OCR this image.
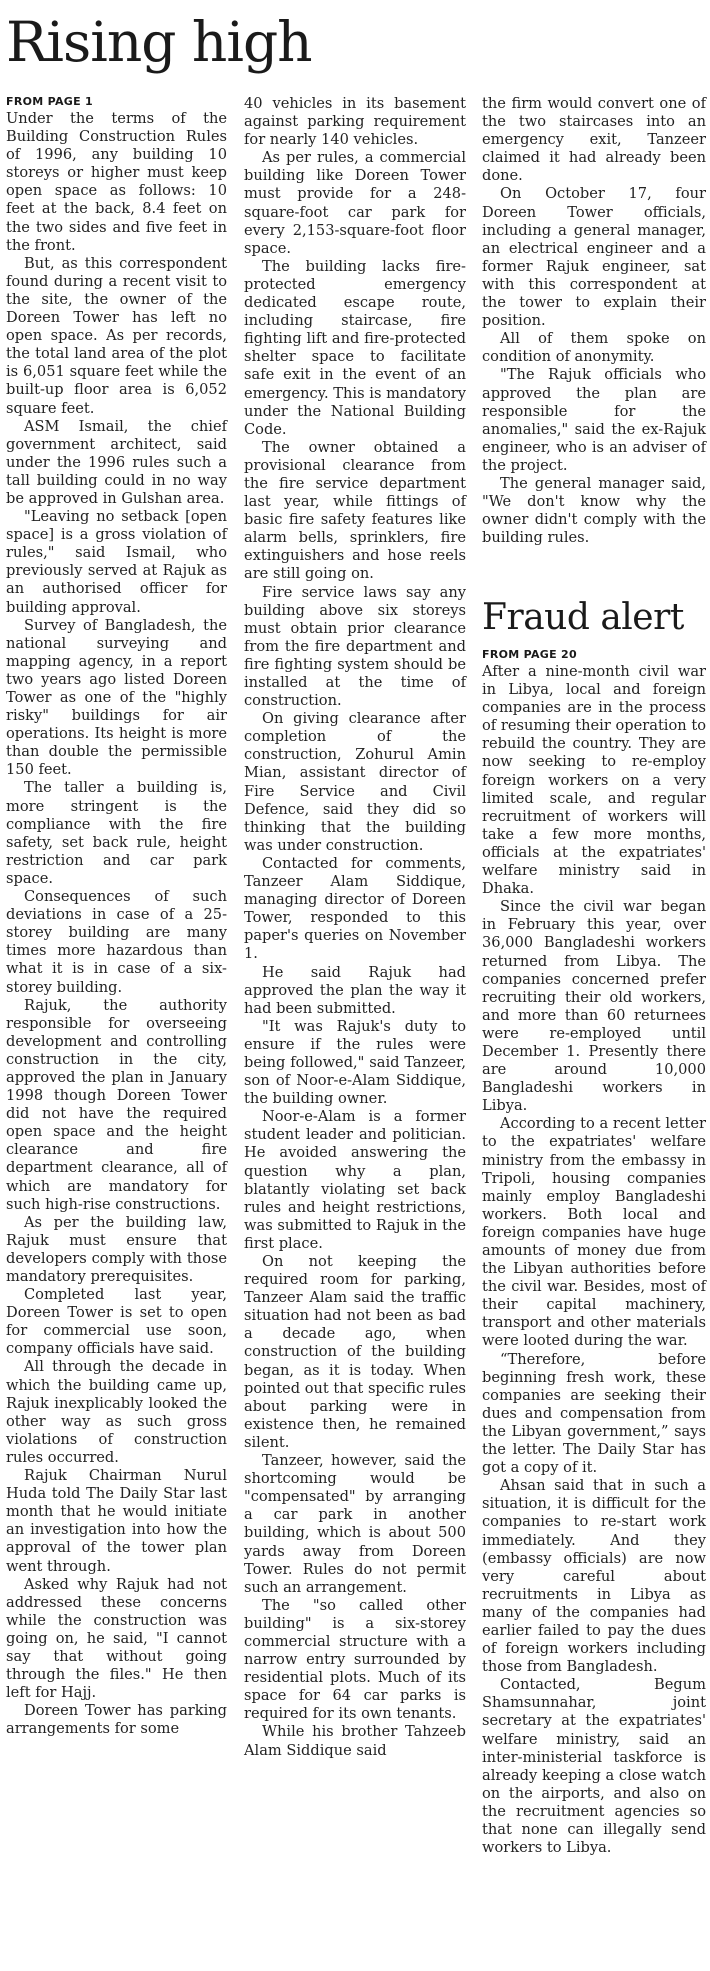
Rising high
FROM PAGE 1

Under the terms of the Building Construction Rules of 1996, any building 10 storeys or higher must keep open space as follows: 10 feet at the back, 8.4 feet on the two sides and five feet in the front.

But, as this correspondent found during a recent visit to the site, the owner of the Doreen Tower has left no open space. As per records, the total land area of the plot is 6,051 square feet while the built-up floor area is 6,052 square feet.

ASM Ismail, the chief government architect, said under the 1996 rules such a tall building could in no way be approved in Gulshan area.

"Leaving no setback [open space] is a gross violation of rules," said Ismail, who previously served at Rajuk as an authorised officer for building approval.

Survey of Bangladesh, the national surveying and mapping agency, in a report two years ago listed Doreen Tower as one of the "highly risky" buildings for air operations. Its height is more than double the permissible 150 feet.

The taller a building is, more stringent is the compliance with the fire safety, set back rule, height restriction and car park space.

Consequences of such deviations in case of a 25-storey building are many times more hazardous than what it is in case of a six-storey building.

Rajuk, the authority responsible for overseeing development and controlling construction in the city, approved the plan in January 1998 though Doreen Tower did not have the required open space and the height clearance and fire department clearance, all of which are mandatory for such high-rise constructions.

As per the building law, Rajuk must ensure that developers comply with those mandatory prerequisites.

Completed last year, Doreen Tower is set to open for commercial use soon, company officials have said.

All through the decade in which the building came up, Rajuk inexplicably looked the other way as such gross violations of construction rules occurred.

Rajuk Chairman Nurul Huda told The Daily Star last month that he would initiate an investigation into how the approval of the tower plan went through.

Asked why Rajuk had not addressed these concerns while the construction was going on, he said, "I cannot say that without going through the files." He then left for Hajj.

Doreen Tower has parking arrangements for some

40 vehicles in its basement against parking requirement for nearly 140 vehicles.

As per rules, a commercial building like Doreen Tower must provide for a 248-square-foot car park for every 2,153-square-foot floor space.

The building lacks fire-protected emergency dedicated escape route, including staircase, fire fighting lift and fire-protected shelter space to facilitate safe exit in the event of an emergency. This is mandatory under the National Building Code.

The owner obtained a provisional clearance from the fire service department last year, while fittings of basic fire safety features like alarm bells, sprinklers, fire extinguishers and hose reels are still going on.

Fire service laws say any building above six storeys must obtain prior clearance from the fire department and fire fighting system should be installed at the time of construction.

On giving clearance after completion of the construction, Zohurul Amin Mian, assistant director of Fire Service and Civil Defence, said they did so thinking that the building was under construction.

Contacted for comments, Tanzeer Alam Siddique, managing director of Doreen Tower, responded to this paper's queries on November 1.

He said Rajuk had approved the plan the way it had been submitted.

"It was Rajuk's duty to ensure if the rules were being followed," said Tanzeer, son of Noor-e-Alam Siddique, the building owner.

Noor-e-Alam is a former student leader and politician. He avoided answering the question why a plan, blatantly violating set back rules and height restrictions, was submitted to Rajuk in the first place.

On not keeping the required room for parking, Tanzeer Alam said the traffic situation had not been as bad a decade ago, when construction of the building began, as it is today. When pointed out that specific rules about parking were in existence then, he remained silent.

Tanzeer, however, said the shortcoming would be "compensated" by arranging a car park in another building, which is about 500 yards away from Doreen Tower. Rules do not permit such an arrangement.

The "so called other building" is a six-storey commercial structure with a narrow entry surrounded by residential plots. Much of its space for 64 car parks is required for its own tenants.

While his brother Tahzeeb Alam Siddique said

the firm would convert one of the two staircases into an emergency exit, Tanzeer claimed it had already been done.

On October 17, four Doreen Tower officials, including a general manager, an electrical engineer and a former Rajuk engineer, sat with this correspondent at the tower to explain their position.

All of them spoke on condition of anonymity.

"The Rajuk officials who approved the plan are responsible for the anomalies," said the ex-Rajuk engineer, who is an adviser of the project.

The general manager said, "We don't know why the owner didn't comply with the building rules.

Fraud alert
FROM PAGE 20

After a nine-month civil war in Libya, local and foreign companies are in the process of resuming their operation to rebuild the country. They are now seeking to re-employ foreign workers on a very limited scale, and regular recruitment of workers will take a few more months, officials at the expatriates' welfare ministry said in Dhaka.

Since the civil war began in February this year, over 36,000 Bangladeshi workers returned from Libya. The companies concerned prefer recruiting their old workers, and more than 60 returnees were re-employed until December 1. Presently there are around 10,000 Bangladeshi workers in Libya.

According to a recent letter to the expatriates' welfare ministry from the embassy in Tripoli, housing companies mainly employ Bangladeshi workers. Both local and foreign companies have huge amounts of money due from the Libyan authorities before the civil war. Besides, most of their capital machinery, transport and other materials were looted during the war.

“Therefore, before beginning fresh work, these companies are seeking their dues and compensation from the Libyan government,” says the letter. The Daily Star has got a copy of it.

Ahsan said that in such a situation, it is difficult for the companies to re-start work immediately. And they (embassy officials) are now very careful about recruitments in Libya as many of the companies had earlier failed to pay the dues of foreign workers including those from Bangladesh.

Contacted, Begum Shamsunnahar, joint secretary at the expatriates' welfare ministry, said an inter-ministerial taskforce is already keeping a close watch on the airports, and also on the recruitment agencies so that none can illegally send workers to Libya.
